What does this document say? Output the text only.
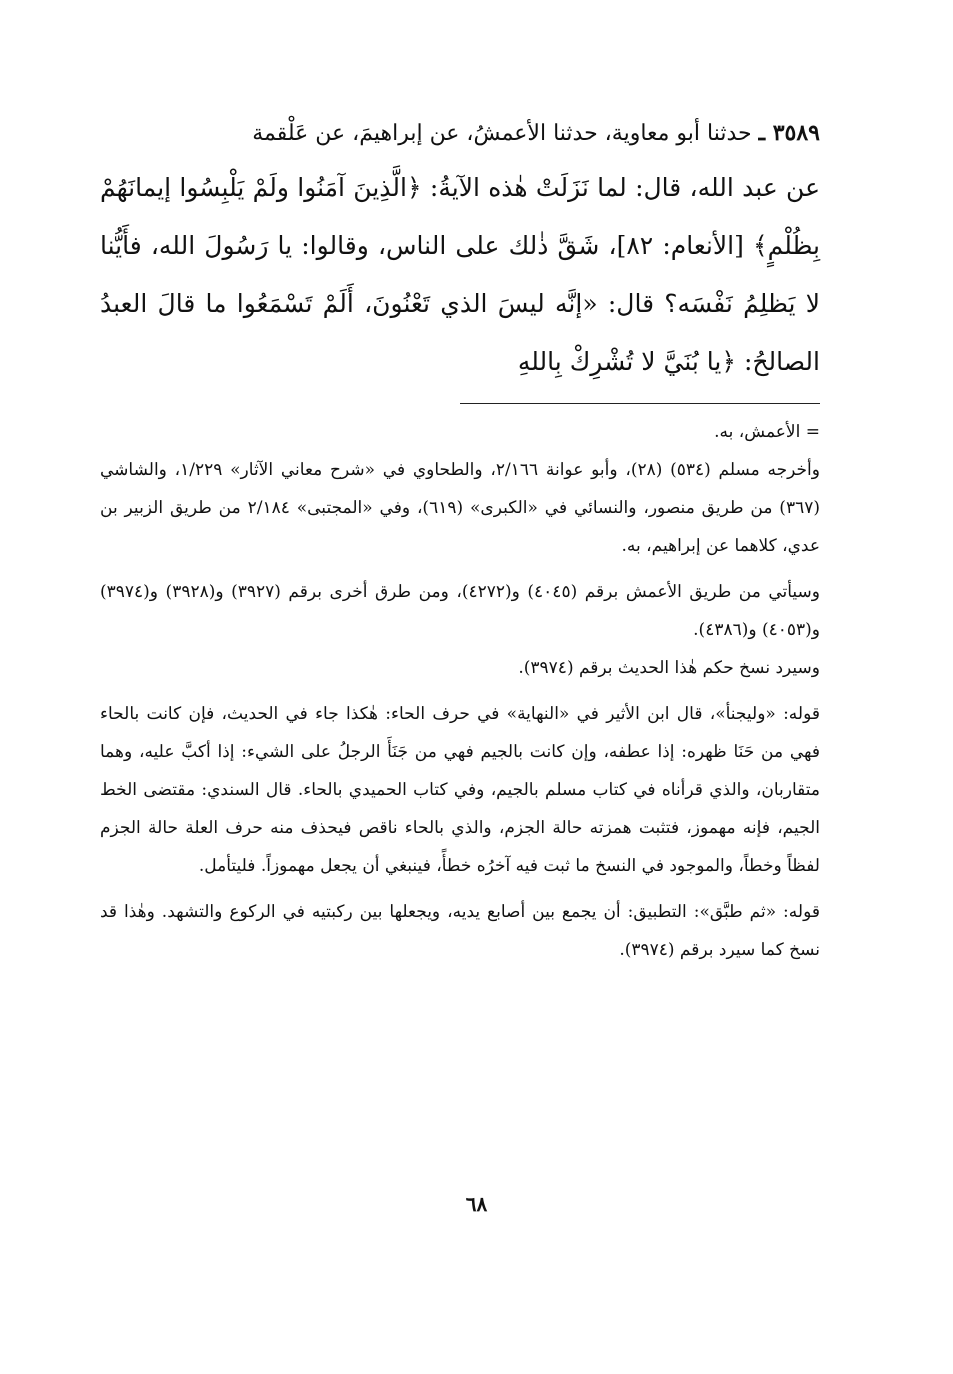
٣٥٨٩ ـ حدثنا أبو معاوية، حدثنا الأعمشُ، عن إبراهيمَ، عن عَلْقمة
عن عبد الله، قال: لما نَزَلَتْ هٰذه الآيةُ: ﴿الَّذِينَ آمَنُوا ولَمْ يَلْبِسُوا إيمانَهُمْ بِظُلْمٍ﴾ [الأنعام: ٨٢]، شَقَّ ذٰلك على الناس، وقالوا: يا رَسُولَ الله، فأَيُّنا لا يَظلِمُ نَفْسَه؟ قال: «إنَّه ليسَ الذي تَعْنُونَ، أَلَمْ تَسْمَعُوا ما قالَ العبدُ الصالحُ: ﴿يا بُنَيَّ لا تُشْرِكْ بِاللهِ

= الأعمش، به.

وأخرجه مسلم (٥٣٤) (٢٨)، وأبو عوانة ٢/١٦٦، والطحاوي في «شرح معاني الآثار» ١/٢٢٩، والشاشي (٣٦٧) من طريق منصور، والنسائي في «الكبرى» (٦١٩)، وفي «المجتبى» ٢/١٨٤ من طريق الزبير بن عدي، كلاهما عن إبراهيم، به.

وسيأتي من طريق الأعمش برقم (٤٠٤٥) و(٤٢٧٢)، ومن طرق أخرى برقم (٣٩٢٧) و(٣٩٢٨) و(٣٩٧٤) و(٤٠٥٣) و(٤٣٨٦).

وسيرد نسخ حكم هٰذا الحديث برقم (٣٩٧٤).

قوله: «وليجنأ»، قال ابن الأثير في «النهاية» في حرف الحاء: هٰكذا جاء في الحديث، فإن كانت بالحاء فهي من حَنَا ظهره: إذا عطفه، وإن كانت بالجيم فهي من جَنَأَ الرجلُ على الشيء: إذا أكبَّ عليه، وهما متقاربان، والذي قرأناه في كتاب مسلم بالجيم، وفي كتاب الحميدي بالحاء. قال السندي: مقتضى الخط الجيم، فإنه مهموز، فتثبت همزته حالة الجزم، والذي بالحاء ناقص فيحذف منه حرف العلة حالة الجزم لفظاً وخطاً، والموجود في النسخ ما ثبت فيه آخرُه خطأً، فينبغي أن يجعل مهموزاً. فليتأمل.

قوله: «ثم طبَّق»: التطبيق: أن يجمع بين أصابع يديه، ويجعلها بين ركبتيه في الركوع والتشهد. وهٰذا قد نسخ كما سيرد برقم (٣٩٧٤).

٦٨
